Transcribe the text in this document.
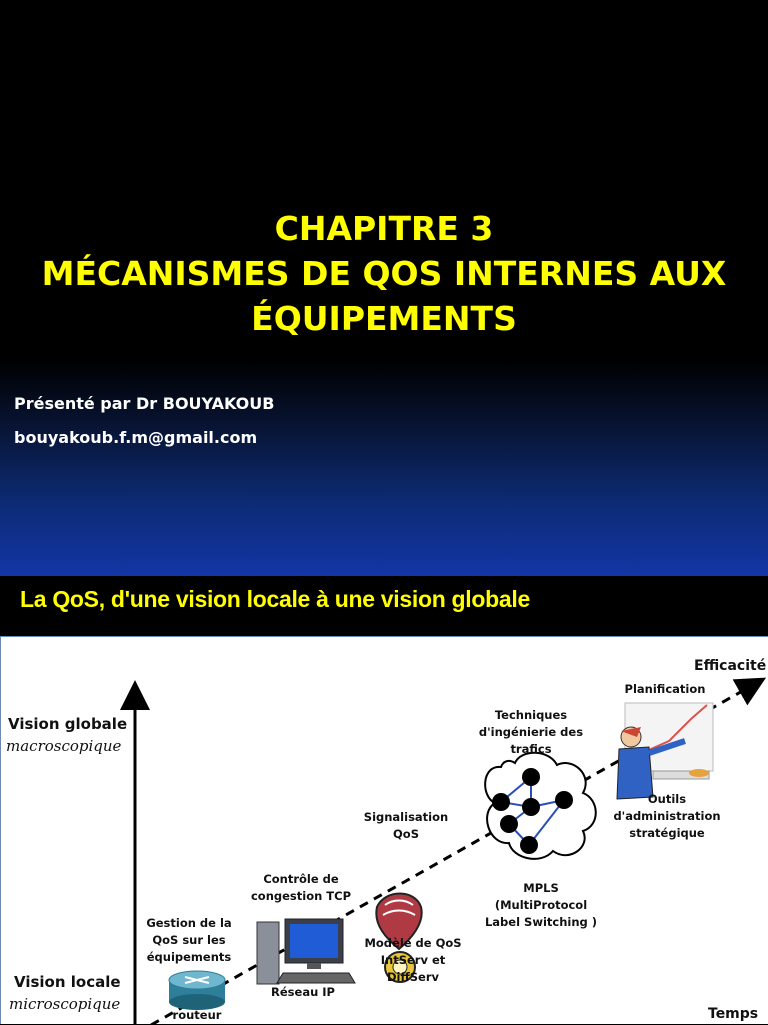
CHAPITRE 3
MÉCANISMES DE QOS INTERNES AUX
ÉQUIPEMENTS
Présenté par Dr BOUYAKOUB
bouyakoub.f.m@gmail.com
La QoS, d'une vision locale à une vision globale
Efficacité
Temps
Vision globale
macroscopique
Vision locale
microscopique
Gestion de la
QoS sur les
équipements
routeur
Contrôle de
congestion TCP
Réseau IP
Signalisation
QoS
Modèle de QoS
IntServ et
DiffServ
Techniques
d'ingénierie des
trafics
MPLS
(MultiProtocol
Label Switching )
Planification
Outils
d'administration
stratégique
